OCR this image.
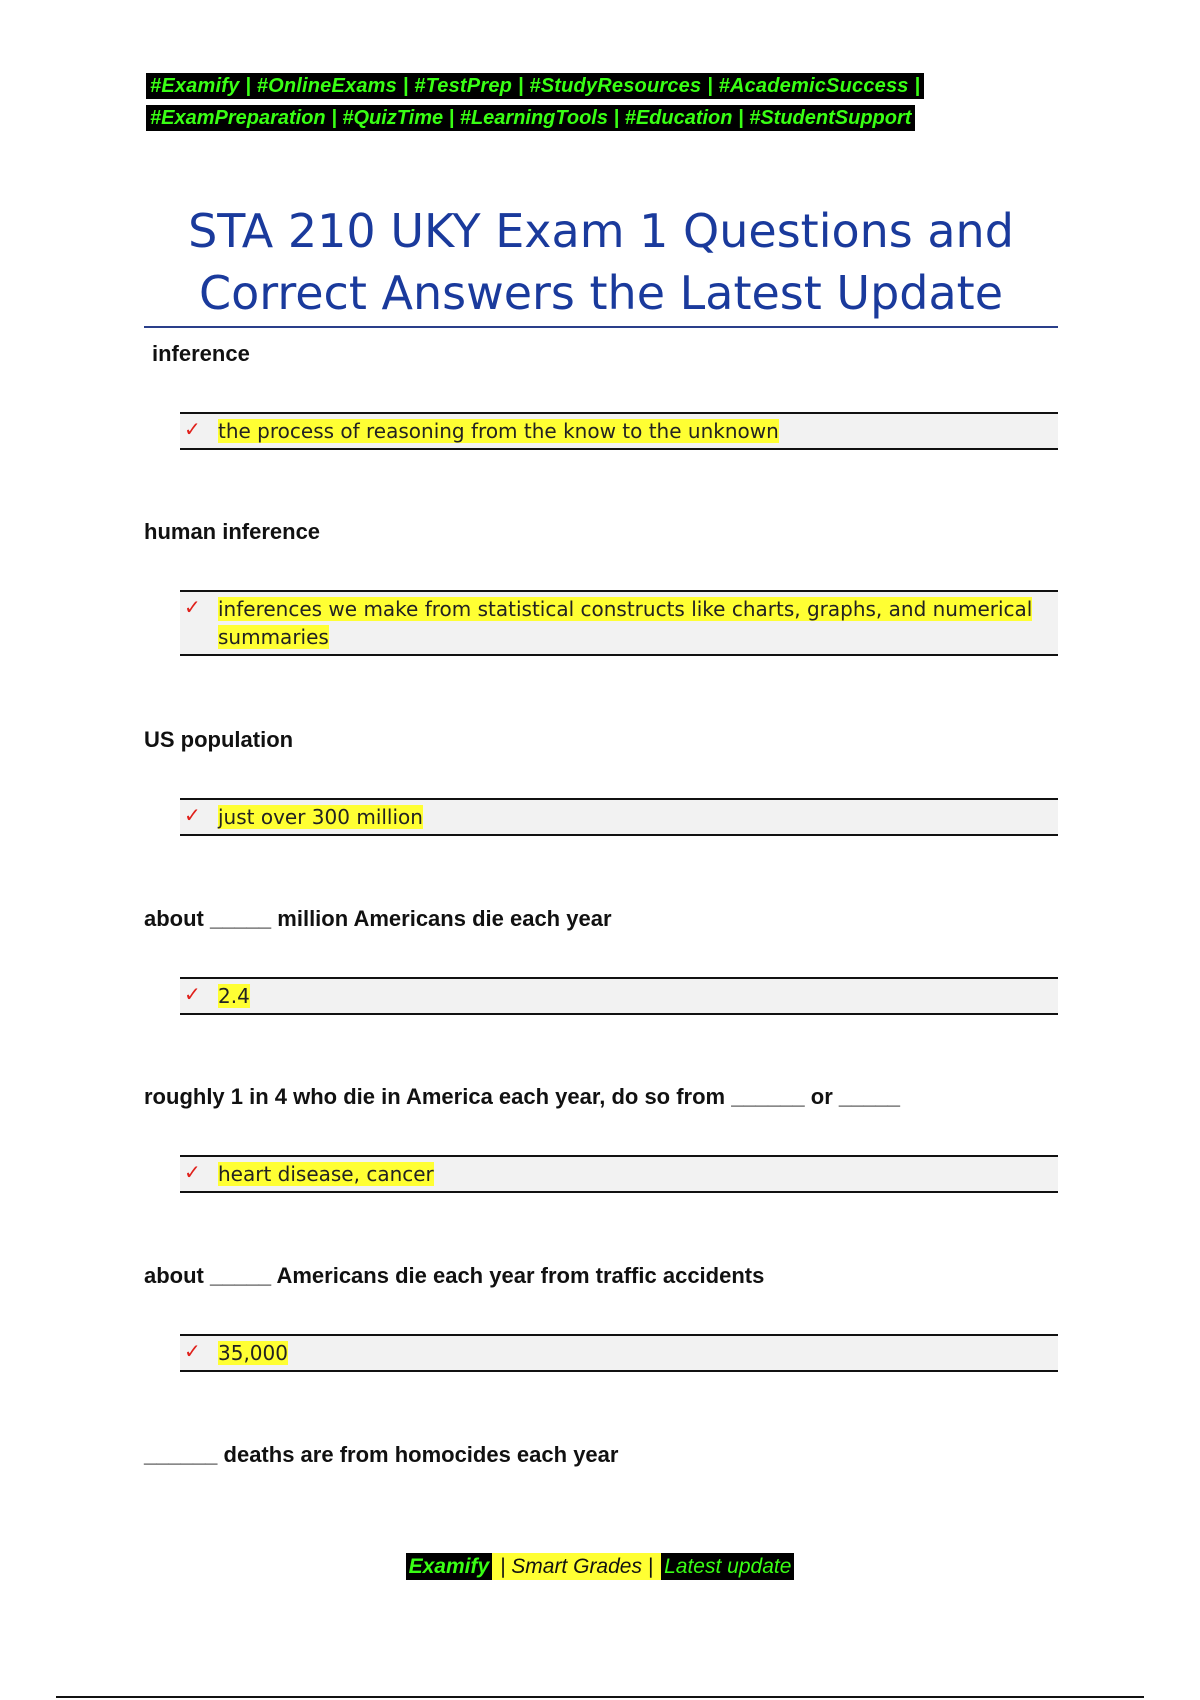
#Examify | #OnlineExams | #TestPrep | #StudyResources | #AcademicSuccess |
#ExamPreparation | #QuizTime | #LearningTools | #Education | #StudentSupport
STA 210 UKY Exam 1 Questions and
Correct Answers the Latest Update
inference
✓ the process of reasoning from the know to the unknown
human inference
✓ inferences we make from statistical constructs like charts, graphs, and numerical
summaries
US population
✓ just over 300 million
about _____ million Americans die each year
✓ 2.4
roughly 1 in 4 who die in America each year, do so from ______ or _____
✓ heart disease, cancer
about _____ Americans die each year from traffic accidents
✓ 35,000
______ deaths are from homocides each year
Examify | Smart Grades | Latest update
